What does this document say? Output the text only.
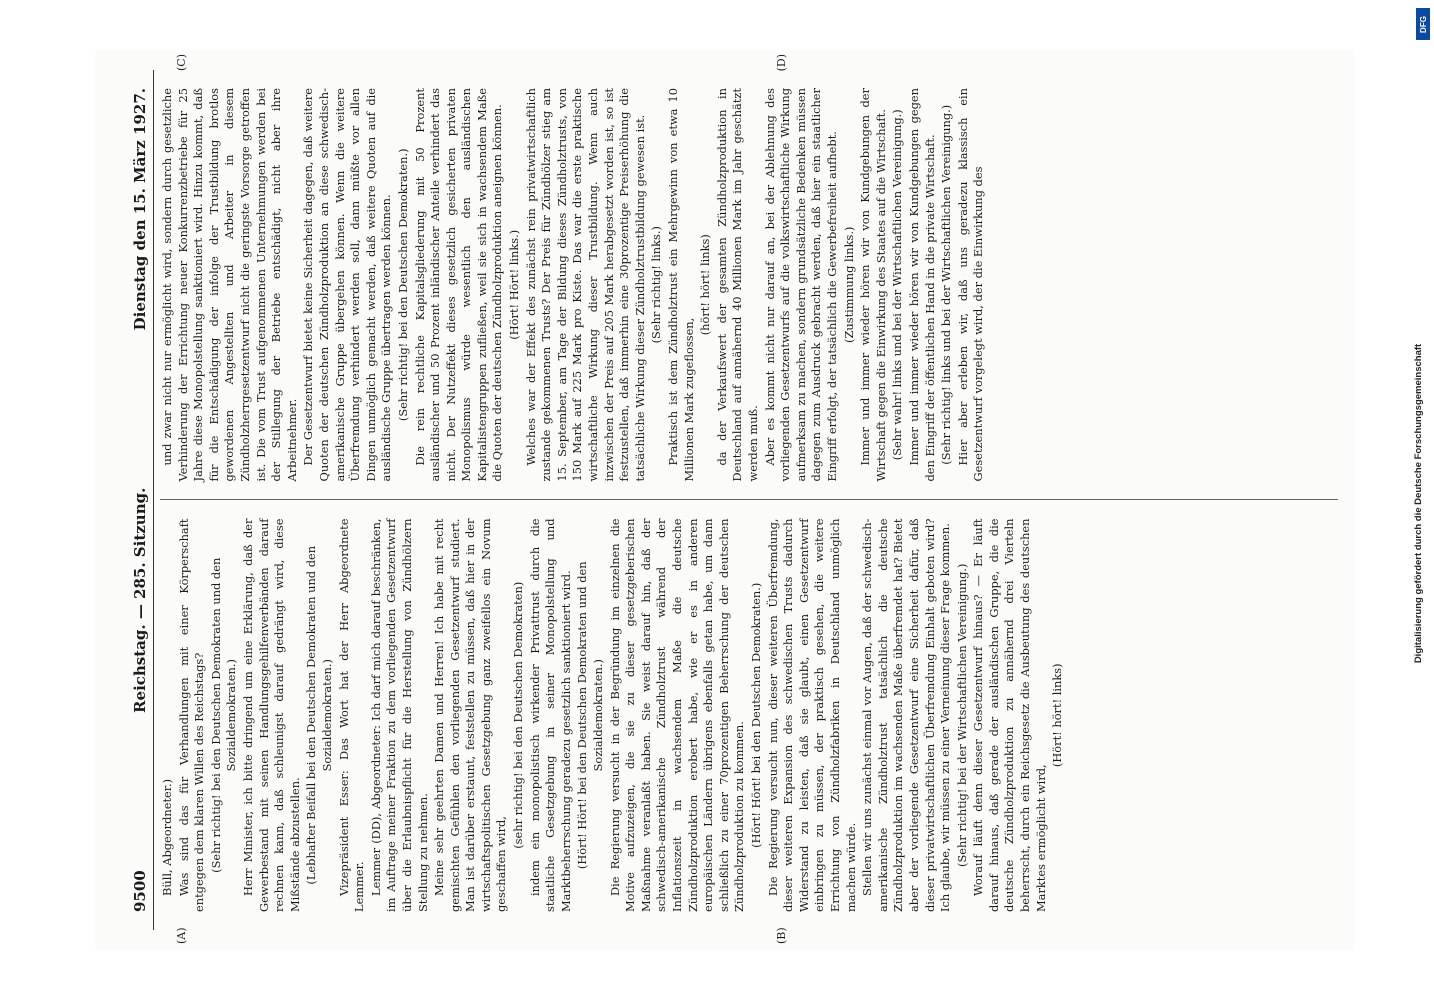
9500
Reichstag. — 285. Sitzung.
Dienstag den 15. März 1927.
(A)	(B)

Büll, Abgeordneter.) Was sind das für Verhandlungen mit einer Körperschaft entgegen dem klaren Willen des Reichstags? (Sehr richtig! bei den Deutschen Demokraten und den Sozialdemokraten.) Herr Minister, ich bitte dringend um eine Erklärung, daß der Gewerbestand mit seinen Handlungsgehilfenverbänden darauf rechnen kann, daß schleunigst darauf gedrängt wird, diese Mißstände abzustellen. (Lebhafter Beifall bei den Deutschen Demokraten und den Sozialdemokraten.) Vizepräsident Esser: Das Wort hat der Herr Abgeordnete Lemmer. Lemmer (DD), Abgeordneter: Ich darf mich darauf beschränken, im Auftrage meiner Fraktion zu dem vorliegenden Gesetzentwurf über die Erlaubnispflicht für die Herstellung von Zündhölzern Stellung zu nehmen. Meine sehr geehrten Damen und Herren! Ich habe mit recht gemischten Gefühlen den vorliegenden Gesetzentwurf studiert. Man ist darüber erstaunt, feststellen zu müssen, daß hier in der wirtschaftspolitischen Gesetzgebung ganz zweifellos ein Novum geschaffen wird,

(sehr richtig! bei den Deutschen Demokraten) indem ein monopolistisch wirkender Privattrust durch die staatliche Gesetzgebung in seiner Monopolstellung und Marktbeherrschung geradezu gesetzlich sanktioniert wird. (Hört! Hört! bei den Deutschen Demokraten und den Sozialdemokraten.) Die Regierung versucht in der Begründung im einzelnen die Motive aufzuzeigen, die sie zu dieser gesetzgeberischen Maßnahme veranlaßt haben. Sie weist darauf hin, daß der schwedisch-amerikanische Zündholztrust während der Inflationszeit in wachsendem Maße die deutsche Zündholzproduktion erobert habe, wie er es in anderen europäischen Ländern übrigens ebenfalls getan habe, um dann schließlich zu einer 70prozentigen Beherrschung der deutschen Zündholzproduktion zu kommen. (Hört! Hört! bei den Deutschen Demokraten.) Die Regierung versucht nun, dieser weiteren Überfremdung, dieser weiteren Expansion des schwedischen Trusts dadurch Widerstand zu leisten, daß sie glaubt, einen Gesetzentwurf einbringen zu müssen, der praktisch gesehen, die weitere Errichtung von Zündholzfabriken in Deutschland unmöglich machen würde. Stellen wir uns zunächst einmal vor Augen, daß der schwedisch-amerikanische Zündholztrust tatsächlich die deutsche Zündholzproduktion im wachsenden Maße überfremdet hat? Bietet aber der vorliegende Gesetzentwurf eine Sicherheit dafür, daß dieser privatwirtschaftlichen Überfremdung Einhalt geboten wird? Ich glaube, wir müssen zu einer Verneinung dieser Frage kommen. (Sehr richtig! bei der Wirtschaftlichen Vereinigung.) Worauf läuft denn dieser Gesetzentwurf hinaus? — Er läuft darauf hinaus, daß gerade der ausländischen Gruppe, die die deutsche Zündholzproduktion zu annähernd drei Vierteln beherrscht, durch ein Reichsgesetz die Ausbeutung des deutschen Marktes ermöglicht wird,

(Hört! hört! links)

(C)	(D)

und zwar nicht nur ermöglicht wird, sondern durch gesetzliche Verhinderung der Errichtung neuer Konkurrenzbetriebe für 25 Jahre diese Monopolstellung sanktioniert wird. Hinzu kommt, daß für die Entschädigung der infolge der Trustbildung brotlos gewordenen Angestellten und Arbeiter in diesem Zündholzherrgesetzentwurf nicht die geringste Vorsorge getroffen ist. Die vom Trust aufgenommenen Unternehmungen werden bei der Stillegung der Betriebe entschädigt, nicht aber ihre Arbeitnehmer. Der Gesetzentwurf bietet keine Sicherheit dagegen, daß weitere Quoten der deutschen Zündholzproduktion an diese schwedisch-amerikanische Gruppe übergehen können. Wenn die weitere Überfremdung verhindert werden soll, dann müßte vor allen Dingen unmöglich gemacht werden, daß weitere Quoten auf die ausländische Gruppe übertragen werden können. (Sehr richtig! bei den Deutschen Demokraten.) Die rein rechtliche Kapitalsgliederung mit 50 Prozent ausländischer und 50 Prozent inländischer Anteile verhindert das nicht. Der Nutzeffekt dieses gesetzlich gesicherten privaten Monopolismus würde wesentlich den ausländischen Kapitalistengruppen zufließen, weil sie sich in wachsendem Maße die Quoten der deutschen Zündholzproduktion aneignen können. (Hört! Hört! links.) Welches war der Effekt des zunächst rein privatwirtschaftlich zustande gekommenen Trusts? Der Preis für Zündhölzer stieg am 15. September, am Tage der Bildung dieses Zündholztrusts, von 150 Mark auf 225 Mark pro Kiste. Das war die erste praktische wirtschaftliche Wirkung dieser Trustbildung. Wenn auch inzwischen der Preis auf 205 Mark herabgesetzt worden ist, so ist festzustellen, daß immerhin eine 30prozentige Preiserhöhung die tatsächliche Wirkung dieser Zündholztrustbildung gewesen ist. (Sehr richtig! links.) Praktisch ist dem Zündholztrust ein Mehrgewinn von etwa 10 Millionen Mark zugeflossen,

(hört! hört! links) da der Verkaufswert der gesamten Zündholzproduktion in Deutschland auf annähernd 40 Millionen Mark im Jahr geschätzt werden muß. Aber es kommt nicht nur darauf an, bei der Ablehnung des vorliegenden Gesetzentwurfs auf die volkswirtschaftliche Wirkung aufmerksam zu machen, sondern grundsätzliche Bedenken müssen dagegen zum Ausdruck gebracht werden, daß hier ein staatlicher Eingriff erfolgt, der tatsächlich die Gewerbefreiheit aufhebt. (Zustimmung links.) Immer und immer wieder hören wir von Kundgebungen der Wirtschaft gegen die Einwirkung des Staates auf die Wirtschaft. (Sehr wahr! links und bei der Wirtschaftlichen Vereinigung.) Immer und immer wieder hören wir von Kundgebungen gegen den Eingriff der öffentlichen Hand in die private Wirtschaft. (Sehr richtig! links und bei der Wirtschaftlichen Vereinigung.) Hier aber erleben wir, daß uns geradezu klassisch ein Gesetzentwurf vorgelegt wird, der die Einwirkung des

Digitalisierung gefördert durch die Deutsche Forschungsgemeinschaft
DFG
